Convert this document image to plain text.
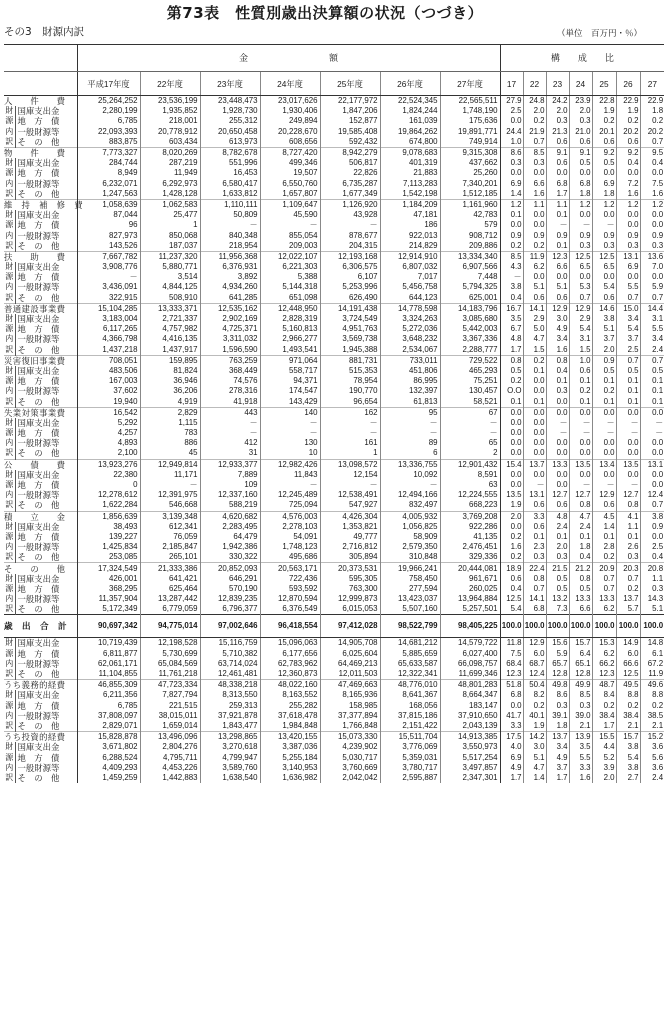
第73表　性質別歳出決算額の状況（つづき）
その3　財源内訳	（単位　百万円・％）
		金　　　　　　　　　額							構　　成　　比						
		平成17年度	22年度	23年度	24年度	25年度	26年度	27年度	17	22	23	24	25	26	27
人　　件　　費		25,264,252	23,536,199	23,448,473	23,017,626	22,177,972	22,524,345	22,565,511	27.9	24.8	24.2	23.9	22.8	22.9	22.9
財	国庫支出金	2,280,199	1,935,852	1,928,730	1,930,406	1,847,206	1,824,244	1,748,190	2.5	2.0	2.0	2.0	1.9	1.9	1.8
源	地　方　債	6,785	218,001	255,312	249,894	152,877	161,039	175,636	0.0	0.2	0.3	0.3	0.2	0.2	0.2
内	一般財源等	22,093,393	20,778,912	20,650,458	20,228,670	19,585,408	19,864,262	19,891,771	24.4	21.9	21.3	21.0	20.1	20.2	20.2
訳	そ　の　他	883,875	603,434	613,973	608,656	592,432	674,800	749,914	1.0	0.7	0.6	0.6	0.6	0.6	0.7
物　　件　　費		7,773,327	8,020,269	8,782,678	8,727,420	8,942,279	9,078,683	9,315,308	8.6	8.5	9.1	9.1	9.2	9.2	9.5
財	国庫支出金	284,744	287,219	551,996	499,346	506,817	401,319	437,662	0.3	0.3	0.6	0.5	0.5	0.4	0.4
源	地　方　債	8,949	11,949	16,453	19,507	22,826	21,883	25,260	0.0	0.0	0.0	0.0	0.0	0.0	0.0
内	一般財源等	6,232,071	6,292,973	6,580,417	6,550,760	6,735,287	7,113,283	7,340,201	6.9	6.6	6.8	6.8	6.9	7.2	7.5
訳	そ　の　他	1,247,563	1,428,128	1,633,812	1,657,807	1,677,349	1,542,198	1,512,185	1.4	1.6	1.7	1.8	1.8	1.6	1.6
維　持　補　修　費		1,058,639	1,062,583	1,110,111	1,109,647	1,126,920	1,184,209	1,161,960	1.2	1.1	1.1	1.2	1.2	1.2	1.2
財	国庫支出金	87,044	25,477	50,809	45,590	43,928	47,181	42,783	0.1	0.0	0.1	0.0	0.0	0.0	0.0
源	地　方　債	96	1	－	－	－	186	579	0.0	0.0	－	－	－	0.0	0.0
内	一般財源等	827,973	850,068	840,348	855,054	878,677	922,013	908,712	0.9	0.9	0.9	0.9	0.9	0.9	0.9
訳	そ　の　他	143,526	187,037	218,954	209,003	204,315	214,829	209,886	0.2	0.2	0.1	0.3	0.3	0.3	0.3
扶　　助　　費		7,667,782	11,237,320	11,956,368	12,022,107	12,193,168	12,914,910	13,334,340	8.5	11.9	12.3	12.5	12.5	13.1	13.6
財	国庫支出金	3,908,776	5,880,771	6,376,931	6,221,303	6,306,575	6,807,032	6,907,566	4.3	6.2	6.6	6.5	6.5	6.9	7.0
源	地　方　債	－	3,514	3,892	5,388	6,107	7,017	7,448	－	0.0	0.0	0.0	0.0	0.0	0.0
内	一般財源等	3,436,091	4,844,125	4,934,260	5,144,318	5,253,996	5,456,758	5,794,325	3.8	5.1	5.1	5.3	5.4	5.5	5.9
訳	そ　の　他	322,915	508,910	641,285	651,098	626,490	644,123	625,001	0.4	0.6	0.6	0.7	0.6	0.7	0.7
普通建設事業費		15,104,285	13,333,371	12,535,162	12,448,950	14,191,438	14,778,598	14,183,796	16.7	14.1	12.9	12.9	14.6	15.0	14.4
財	国庫支出金	3,183,004	2,721,337	2,902,169	2,828,319	3,724,549	3,324,263	3,085,680	3.5	2.9	3.0	2.9	3.8	3.4	3.1
源	地　方　債	6,117,265	4,757,982	4,725,371	5,160,813	4,951,763	5,272,036	5,442,003	6.7	5.0	4.9	5.4	5.1	5.4	5.5
内	一般財源等	4,366,798	4,416,135	3,311,032	2,966,277	3,569,738	3,648,232	3,367,336	4.8	4.7	3.4	3.1	3.7	3.7	3.4
訳	そ　の　他	1,437,218	1,437,917	1,596,590	1,493,541	1,945,388	2,534,067	2,288,777	1.7	1.5	1.6	1.5	2.0	2.5	2.4
災害復旧事業費		708,051	159,895	763,259	971,064	881,731	733,011	729,522	0.8	0.2	0.8	1.0	0.9	0.7	0.7
財	国庫支出金	483,506	81,824	368,449	558,717	515,353	451,806	465,293	0.5	0.1	0.4	0.6	0.5	0.5	0.5
源	地　方　債	167,003	36,946	74,576	94,371	78,954	86,995	75,251	0.2	0.0	0.1	0.1	0.1	0.1	0.1
内	一般財源等	37,602	36,206	278,316	174,547	190,770	132,397	130,457	O.O	0.0	0.3	0.2	0.2	0.1	0.1
訳	そ　の　他	19,940	4,919	41,918	143,429	96,654	61,813	58,521	0.1	0.1	0.0	0.1	0.1	0.1	0.1
失業対策事業費		16,542	2,829	443	140	162	95	67	0.0	0.0	0.0	0.0	0.0	0.0	0.0
財	国庫支出金	5,292	1,115	－	－	－	－	－	0.0	0.0	－	－	－	－	－
源	地　方　債	4,257	783	－	－	－	－	－	0.0	0.0	－	－	－	－	－
内	一般財源等	4,893	886	412	130	161	89	65	0.0	0.0	0.0	0.0	0.0	0.0	0.0
訳	そ　の　他	2,100	45	31	10	1	6	2	0.0	0.0	0.0	0.0	0.0	0.0	0.0
公　　債　　費		13,923,276	12,949,814	12,933,377	12,982,426	13,098,572	13,336,755	12,901,432	15.4	13.7	13.3	13.5	13.4	13.5	13.1
財	国庫支出金	22,380	11,171	7,889	11,843	12,154	10,092	8,591	0.0	0.0	0.0	0.0	0.0	0.0	0.0
源	地　方　債	0	－	109	－	－	－	63	0.0	－	0.0	－	－	－	0.0
内	一般財源等	12,278,612	12,391,975	12,337,160	12,245,489	12,538,491	12,494,166	12,224,555	13.5	13.1	12.7	12.7	12.9	12.7	12.4
訳	そ　の　他	1,622,284	546,668	588,219	725,094	547,927	832,497	668,223	1.9	0.6	0.6	0.8	0.6	0.8	0.7
積　　立　　金		1,856,639	3,139,348	4,620,682	4,576,003	4,426,304	4,005,932	3,769,208	2.0	3.3	4.8	4.7	4.5	4.1	3.8
財	国庫支出金	38,493	612,341	2,283,495	2,278,103	1,353,821	1,056,825	922,286	0.0	0.6	2.4	2.4	1.4	1.1	0.9
源	地　方　債	139,227	76,059	64,479	54,091	49,777	58,909	41,135	0.2	0.1	0.1	0.1	0.1	0.1	0.0
内	一般財源等	1,425,834	2,185,847	1,942,386	1,748,123	2,716,812	2,579,350	2,476,451	1.6	2.3	2.0	1.8	2.8	2.6	2.5
訳	そ　の　他	253,085	265,101	330,322	495,686	305,894	310,848	329,336	0.2	0.3	0.3	0.4	0.2	0.3	0.4
そ　　の　　他		17,324,549	21,333,386	20,852,093	20,563,171	20,373,531	19,966,241	20,444,081	18.9	22.4	21.5	21.2	20.9	20.3	20.8
財	国庫支出金	426,001	641,421	646,291	722,436	595,305	758,450	961,671	0.6	0.8	0.5	0.8	0.7	0.7	1.1
源	地　方　債	368,295	625,464	570,190	593,592	763,300	277,594	260,025	0.4	0.7	0.5	0.5	0.7	0.2	0.3
内	一般財源等	11,357,904	13,287,442	12,839,235	12,870,594	12,999,873	13,423,037	13,964,884	12.5	14.1	13.2	13.3	13.3	13.7	14.3
訳	そ　の　他	5,172,349	6,779,059	6,796,377	6,376,549	6,015,053	5,507,160	5,257,501	5.4	6.8	7.3	6.6	6.2	5.7	5.1
歳　出　合　計		90,697,342	94,775,014	97,002,646	96,418,554	97,412,028	98,522,799	98,405,225	100.0	100.0	100.0	100.0	100.0	100.0	100.0
財	国庫支出金	10,719,439	12,198,528	15,116,759	15,096,063	14,905,708	14,681,212	14,579,722	11.8	12.9	15.6	15.7	15.3	14.9	14.8
源	地　方　債	6,811,877	5,730,699	5,710,382	6,177,656	6,025,604	5,885,659	6,027,400	7.5	6.0	5.9	6.4	6.2	6.0	6.1
内	一般財源等	62,061,171	65,084,569	63,714,024	62,783,962	64,469,213	65,633,587	66,098,757	68.4	68.7	65.7	65.1	66.2	66.6	67.2
訳	そ　の　他	11,104,855	11,761,218	12,461,481	12,360,873	12,011,503	12,322,341	11,699,346	12.3	12.4	12.8	12.8	12.3	12.5	11.9
うち義務的経費		46,855,309	47,723,334	48,338,218	48,022,160	47,469,663	48,776,010	48,801,283	51.8	50.4	49.8	49.9	48.7	49.5	49.6
財	国庫支出金	6,211,356	7,827,794	8,313,550	8,163,552	8,165,936	8,641,367	8,664,347	6.8	8.2	8.6	8.5	8.4	8.8	8.8
源	地　方　債	6,785	221,515	259,313	255,282	158,985	168,056	183,147	0.0	0.2	0.3	0.3	0.2	0.2	0.2
内	一般財源等	37,808,097	38,015,011	37,921,878	37,618,478	37,377,894	37,815,186	37,910,650	41.7	40.1	39.1	39.0	38.4	38.4	38.5
訳	そ　の　他	2,829,071	1,659,014	1,843,477	1,984,848	1,766,848	2,151,422	2,043,139	3.3	1.9	1.8	2.1	1.7	2.1	2.1
うち投資的経費		15,828,878	13,496,096	13,298,865	13,420,155	15,073,330	15,511,704	14,913,385	17.5	14.2	13.7	13.9	15.5	15.7	15.2
財	国庫支出金	3,671,802	2,804,276	3,270,618	3,387,036	4,239,902	3,776,069	3,550,973	4.0	3.0	3.4	3.5	4.4	3.8	3.6
源	地　方　債	6,288,524	4,795,711	4,799,947	5,255,184	5,030,717	5,359,031	5,517,254	6.9	5.1	4.9	5.5	5.2	5.4	5.6
内	一般財源等	4,409,293	4,453,226	3,589,760	3,140,953	3,760,669	3,780,717	3,497,857	4.9	4.7	3.7	3.3	3.9	3.8	3.6
訳	そ　の　他	1,459,259	1,442,883	1,638,540	1,636,982	2,042,042	2,595,887	2,347,301	1.7	1.4	1.7	1.6	2.0	2.7	2.4
